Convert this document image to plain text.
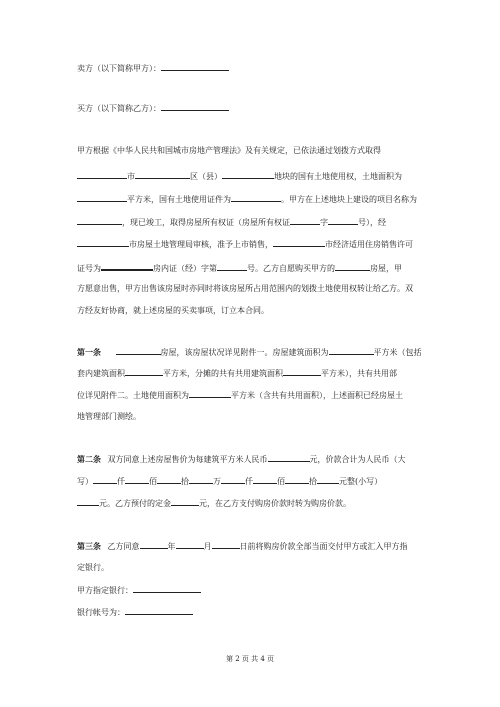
卖方（以下简称甲方）：
买方（以下简称乙方）：
甲方根据《中华人民共和国城市房地产管理法》及有关规定，已依法通过划拨方式取得
市	区（县）	地块的国有土地使用权，土地面积为
平方米，国有土地使用证件为	。甲方在上述地块上建设的项目名称为
，现已竣工，取得房屋所有权证（房屋所有权证	字	号），经
市房屋土地管理局审核，准予上市销售，	市经济适用住房销售许可
证号为	房内证（经）字第	号。乙方自愿购买甲方的	房屋，甲
方愿意出售，甲方出售该房屋时亦同时将该房屋所占用范围内的划拨土地使用权转让给乙方。双
方经友好协商，就上述房屋的买卖事项，订立本合同。
第一条	房屋，该房屋状况详见附件一。房屋建筑面积为	平方米（包括
套内建筑面积	平方米，分摊的共有共用建筑面积	平方米），共有共用部
位详见附件二。土地使用面积为	平方米（含共有共用面积），上述面积已经房屋土
地管理部门测绘。
第二条 双方同意上述房屋售价为每建筑平方米人民币	元，价款合计为人民币（大
写）	仟	佰	拾	万	仟	佰	拾	元整(小写）
元。乙方预付的定金	元，在乙方支付购房价款时转为购房价款。
第三条 乙方同意	年	月	日前将购房价款全部当面交付甲方或汇入甲方指
定银行。
甲方指定银行：
银行帐号为：
第 2 页 共 4 页
